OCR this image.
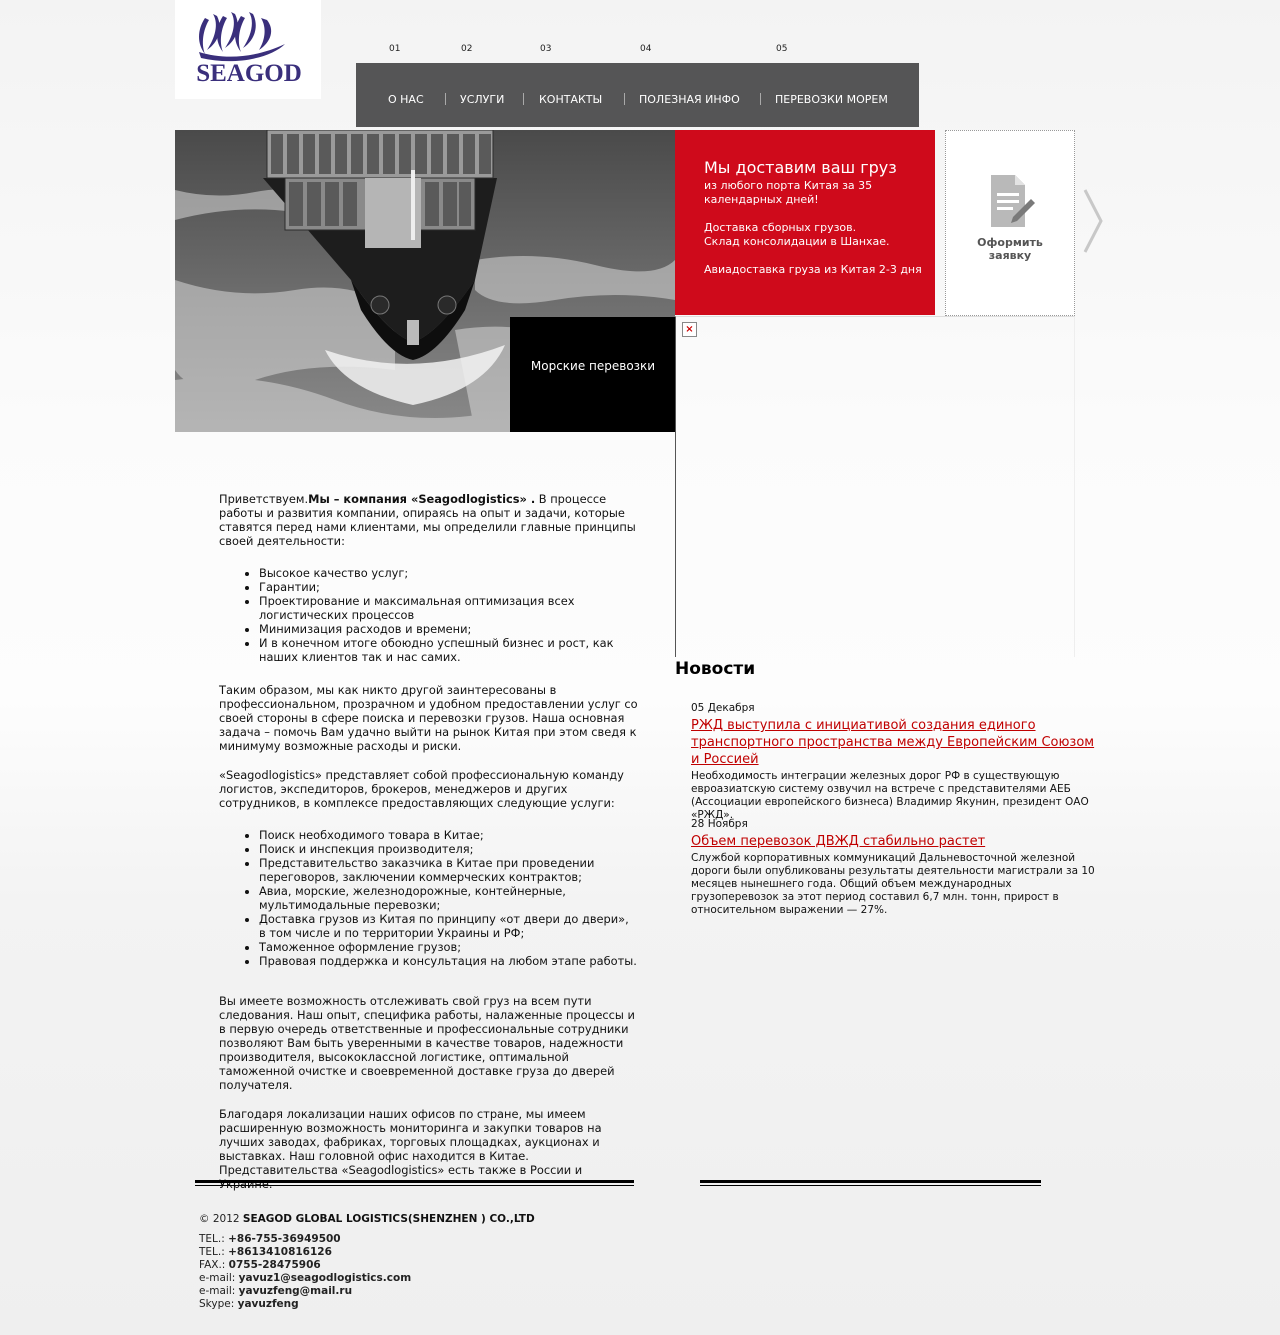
SEAGOD
01	02	03	04	05
О НАС	УСЛУГИ	КОНТАКТЫ	ПОЛЕЗНАЯ ИНФО	ПЕРЕВОЗКИ МОРЕМ
Морские перевозки
Мы доставим ваш груз
из любого порта Китая за 35
календарных дней!
Доставка сборных грузов.
Склад консолидации в Шанхае.
Авиадоставка груза из Китая 2-3 дня
Оформить
заявку
×

Приветствуем.Мы – компания «Seagodlogistics» . В процессе работы и развития компании, опираясь на опыт и задачи, которые ставятся перед нами клиентами, мы определили главные принципы своей деятельности:

• Высокое качество услуг;
• Гарантии;
• Проектирование и максимальная оптимизация всех логистических процессов
• Минимизация расходов и времени;
• И в конечном итоге обоюдно успешный бизнес и рост, как наших клиентов так и нас самих.

Таким образом, мы как никто другой заинтересованы в профессиональном, прозрачном и удобном предоставлении услуг со своей стороны в сфере поиска и перевозки грузов. Наша основная задача – помочь Вам удачно выйти на рынок Китая при этом сведя к минимуму возможные расходы и риски.

«Seagodlogistics» представляет собой профессиональную команду логистов, экспедиторов, брокеров, менеджеров и других сотрудников, в комплексе предоставляющих следующие услуги:

• Поиск необходимого товара в Китае;
• Поиск и инспекция производителя;
• Представительство заказчика в Китае при проведении переговоров, заключении коммерческих контрактов;
• Авиа, морские, железнодорожные, контейнерные, мультимодальные перевозки;
• Доставка грузов из Китая по принципу «от двери до двери», в том числе и по территории Украины и РФ;
• Таможенное оформление грузов;
• Правовая поддержка и консультация на любом этапе работы.

Вы имеете возможность отслеживать свой груз на всем пути следования. Наш опыт, специфика работы, налаженные процессы и в первую очередь ответственные и профессиональные сотрудники позволяют Вам быть уверенными в качестве товаров, надежности производителя, высококлассной логистике, оптимальной таможенной очистке и своевременной доставке груза до дверей получателя.

Благодаря локализации наших офисов по стране, мы имеем расширенную возможность мониторинга и закупки товаров на лучших заводах, фабриках, торговых площадках, аукционах и выставках. Наш головной офис находится в Китае. Представительства «Seagodlogistics» есть также в России и Украине.

Новости
05 Декабря
РЖД выступила с инициативой создания единого транспортного пространства между Европейским Союзом и Россией
Необходимость интеграции железных дорог РФ в существующую евроазиатскую систему озвучил на встрече с представителями АЕБ (Ассоциации европейского бизнеса) Владимир Якунин, президент ОАО «РЖД».
28 Ноября
Объем перевозок ДВЖД стабильно растет
Службой корпоративных коммуникаций Дальневосточной железной дороги были опубликованы результаты деятельности магистрали за 10 месяцев нынешнего года. Общий объем международных грузоперевозок за этот период составил 6,7 млн. тонн, прирост в относительном выражении — 27%.
© 2012 SEAGOD GLOBAL LOGISTICS(SHENZHEN ) CO.,LTD
TEL.: +86-755-36949500
TEL.: +8613410816126
FAX.: 0755-28475906
e-mail: yavuz1@seagodlogistics.com
e-mail: yavuzfeng@mail.ru
Skype: yavuzfeng
